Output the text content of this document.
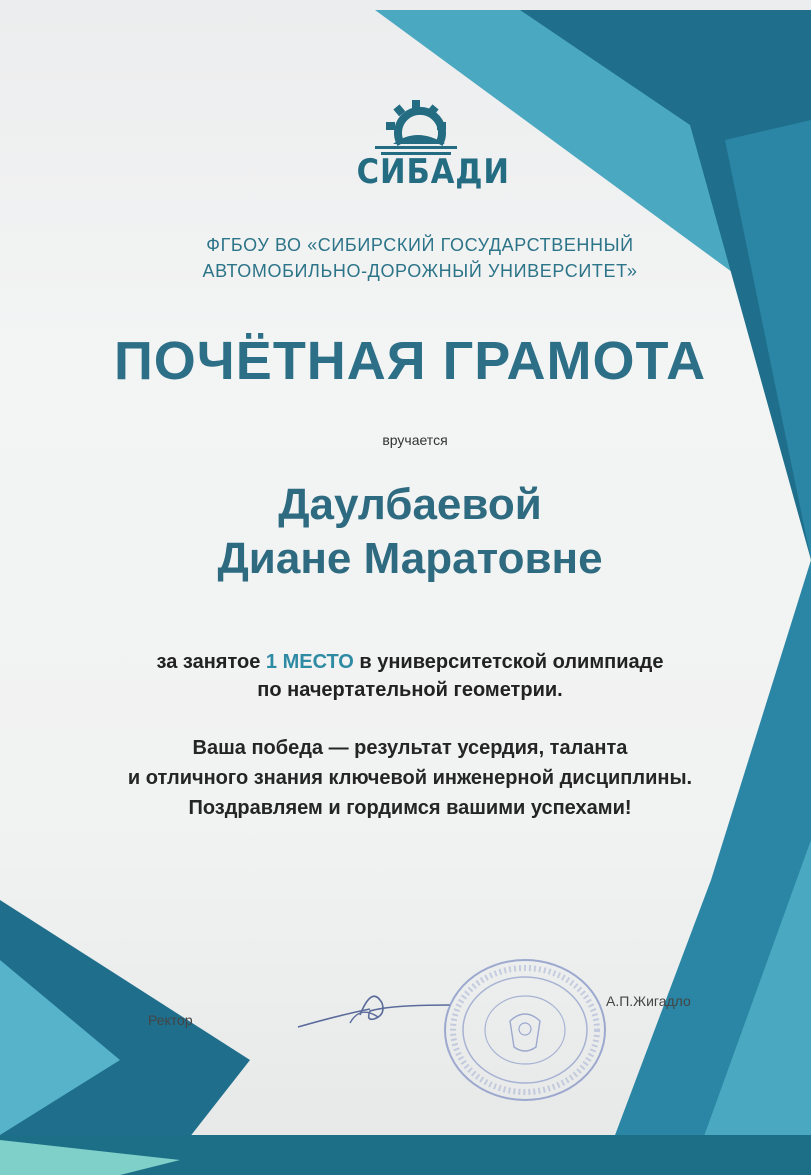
СИБАДИ
ФГБОУ ВО «СИБИРСКИЙ ГОСУДАРСТВЕННЫЙ
АВТОМОБИЛЬНО-ДОРОЖНЫЙ УНИВЕРСИТЕТ»
ПОЧЁТНАЯ ГРАМОТА
вручается
Даулбаевой
Диане Маратовне
за занятое 1 МЕСТО в университетской олимпиаде
по начертательной геометрии.
Ваша победа — результат усердия, таланта
и отличного знания ключевой инженерной дисциплины.
Поздравляем и гордимся вашими успехами!
Ректор
А.П.Жигадло
